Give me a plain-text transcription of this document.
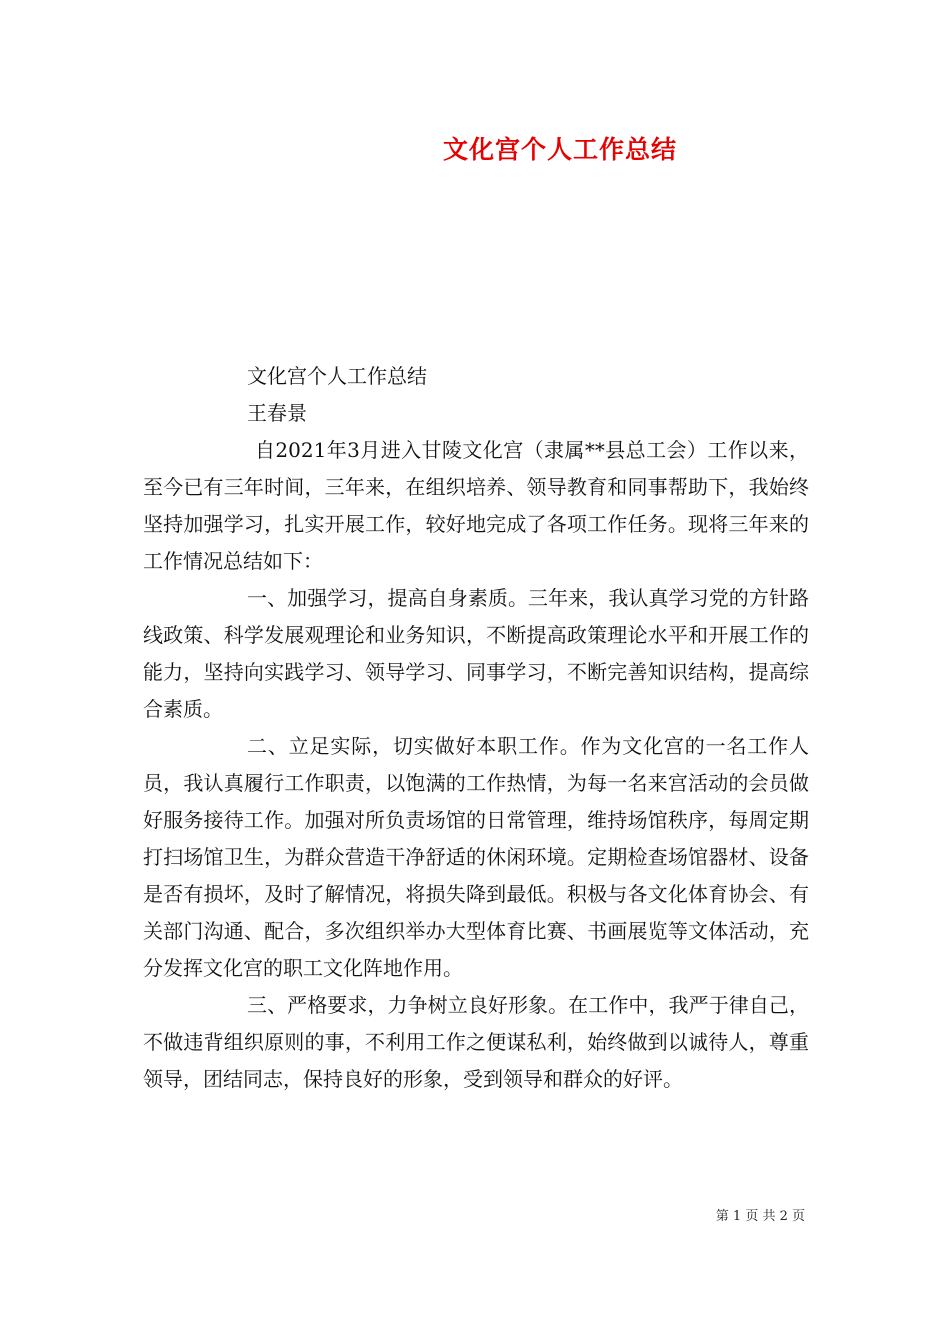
文化宫个人工作总结

文化宫个人工作总结

王春景

自2021年3月进入甘陵文化宫（隶属**县总工会）工作以来，至今已有三年时间，三年来，在组织培养、领导教育和同事帮助下，我始终坚持加强学习，扎实开展工作，较好地完成了各项工作任务。现将三年来的工作情况总结如下：

一、加强学习，提高自身素质。三年来，我认真学习党的方针路线政策、科学发展观理论和业务知识，不断提高政策理论水平和开展工作的能力，坚持向实践学习、领导学习、同事学习，不断完善知识结构，提高综合素质。

二、立足实际，切实做好本职工作。作为文化宫的一名工作人员，我认真履行工作职责，以饱满的工作热情，为每一名来宫活动的会员做好服务接待工作。加强对所负责场馆的日常管理，维持场馆秩序，每周定期打扫场馆卫生，为群众营造干净舒适的休闲环境。定期检查场馆器材、设备是否有损坏，及时了解情况，将损失降到最低。积极与各文化体育协会、有关部门沟通、配合，多次组织举办大型体育比赛、书画展览等文体活动，充分发挥文化宫的职工文化阵地作用。

三、严格要求，力争树立良好形象。在工作中，我严于律自己，不做违背组织原则的事，不利用工作之便谋私利，始终做到以诚待人，尊重领导，团结同志，保持良好的形象，受到领导和群众的好评。

第 1 页 共 2 页
